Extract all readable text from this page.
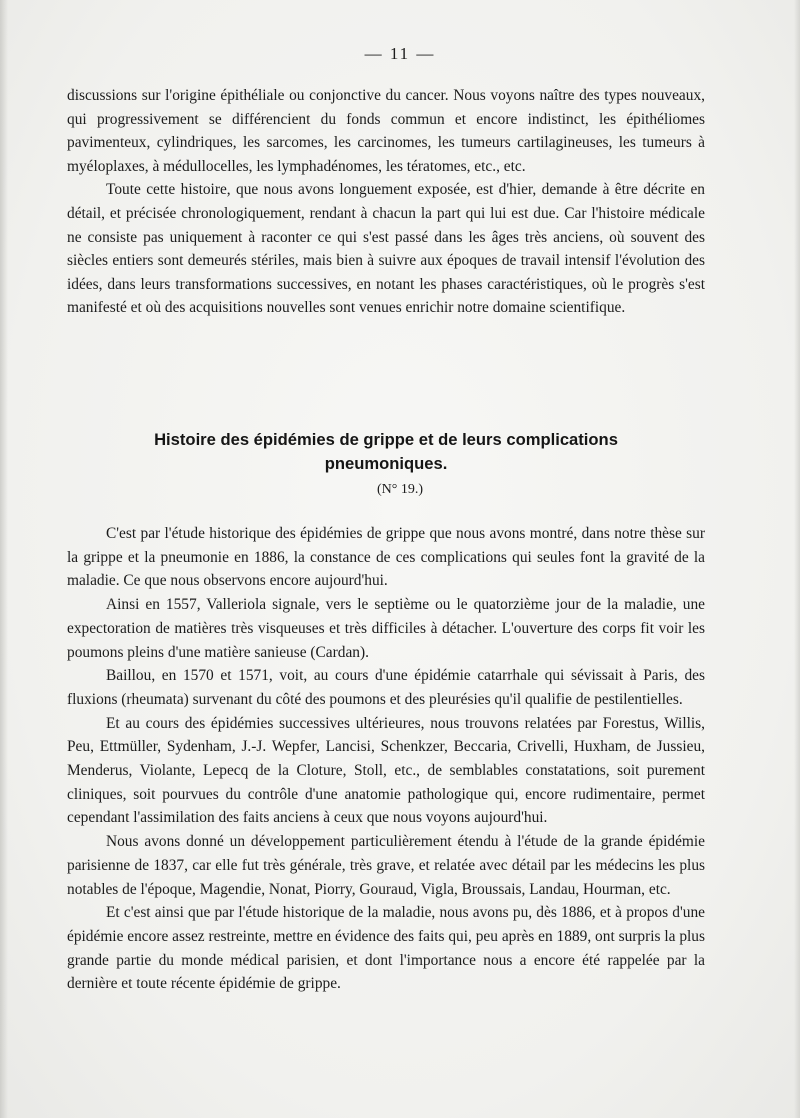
— 11 —

discussions sur l'origine épithéliale ou conjonctive du cancer. Nous voyons naître des types nouveaux, qui progressivement se différencient du fonds commun et encore indistinct, les épithéliomes pavimenteux, cylindriques, les sarcomes, les carcinomes, les tumeurs cartilagineuses, les tumeurs à myéloplaxes, à médullocelles, les lymphadénomes, les tératomes, etc., etc.

Toute cette histoire, que nous avons longuement exposée, est d'hier, demande à être décrite en détail, et précisée chronologiquement, rendant à chacun la part qui lui est due. Car l'histoire médicale ne consiste pas uniquement à raconter ce qui s'est passé dans les âges très anciens, où souvent des siècles entiers sont demeurés stériles, mais bien à suivre aux époques de travail intensif l'évolution des idées, dans leurs transformations successives, en notant les phases caractéristiques, où le progrès s'est manifesté et où des acquisitions nouvelles sont venues enrichir notre domaine scientifique.

Histoire des épidémies de grippe et de leurs complications
pneumoniques.
(N° 19.)

C'est par l'étude historique des épidémies de grippe que nous avons montré, dans notre thèse sur la grippe et la pneumonie en 1886, la constance de ces complications qui seules font la gravité de la maladie. Ce que nous observons encore aujourd'hui.

Ainsi en 1557, Valleriola signale, vers le septième ou le quatorzième jour de la maladie, une expectoration de matières très visqueuses et très difficiles à détacher. L'ouverture des corps fit voir les poumons pleins d'une matière sanieuse (Cardan).

Baillou, en 1570 et 1571, voit, au cours d'une épidémie catarrhale qui sévissait à Paris, des fluxions (rheumata) survenant du côté des poumons et des pleurésies qu'il qualifie de pestilentielles.

Et au cours des épidémies successives ultérieures, nous trouvons relatées par Forestus, Willis, Peu, Ettmüller, Sydenham, J.-J. Wepfer, Lancisi, Schenkzer, Beccaria, Crivelli, Huxham, de Jussieu, Menderus, Violante, Lepecq de la Cloture, Stoll, etc., de semblables constatations, soit purement cliniques, soit pourvues du contrôle d'une anatomie pathologique qui, encore rudimentaire, permet cependant l'assimilation des faits anciens à ceux que nous voyons aujourd'hui.

Nous avons donné un développement particulièrement étendu à l'étude de la grande épidémie parisienne de 1837, car elle fut très générale, très grave, et relatée avec détail par les médecins les plus notables de l'époque, Magendie, Nonat, Piorry, Gouraud, Vigla, Broussais, Landau, Hourman, etc.

Et c'est ainsi que par l'étude historique de la maladie, nous avons pu, dès 1886, et à propos d'une épidémie encore assez restreinte, mettre en évidence des faits qui, peu après en 1889, ont surpris la plus grande partie du monde médical parisien, et dont l'importance nous a encore été rappelée par la dernière et toute récente épidémie de grippe.
